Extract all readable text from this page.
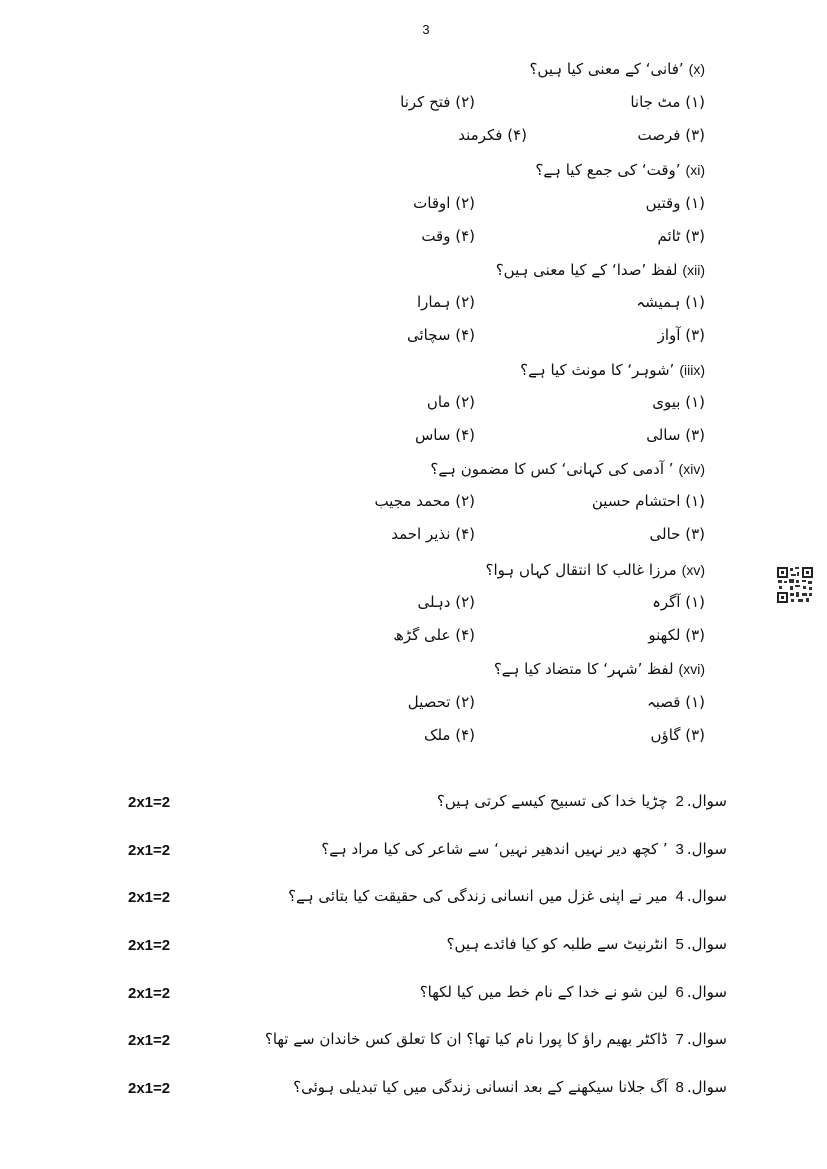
3
(x)’فانی‘ کے معنی کیا ہیں؟
(۱) مٹ جانا
(۲) فتح کرنا
(۳) فرصت
(۴) فکرمند
(xi)’وقت‘ کی جمع کیا ہے؟
(۱) وقتیں
(۲) اوقات
(۳) ٹائم
(۴) وقت
(xii)لفظ ’صدا‘ کے کیا معنی ہیں؟
(۱) ہمیشہ
(۲) ہمارا
(۳) آواز
(۴) سچائی
(iiix)’شوہر‘ کا مونث کیا ہے؟
(۱) بیوی
(۲) ماں
(۳) سالی
(۴) ساس
(xiv)’ آدمی کی کہانی‘ کس کا مضمون ہے؟
(۱) احتشام حسین
(۲) محمد مجیب
(۳) حالی
(۴) نذیر احمد
(xv)مرزا غالب کا انتقال کہاں ہوا؟
(۱) آگرہ
(۲) دہلی
(۳) لکھنو
(۴) علی گڑھ
(xvi)لفظ ’شہر‘ کا متضاد کیا ہے؟
(۱) قصبہ
(۲) تحصیل
(۳) گاؤں
(۴) ملک
سوال.2 چڑیا خدا کی تسبیح کیسے کرتی ہیں؟
2x1=2
سوال.3 ’ کچھ دیر نہیں اندھیر نہیں‘ سے شاعر کی کیا مراد ہے؟
2x1=2
سوال.4 میر نے اپنی غزل میں انسانی زندگی کی حقیقت کیا بتائی ہے؟
2x1=2
سوال.5 انٹرنیٹ سے طلبہ کو کیا فائدے ہیں؟
2x1=2
سوال.6 لین شو نے خدا کے نام خط میں کیا لکھا؟
2x1=2
سوال.7 ڈاکٹر بھیم راؤ کا پورا نام کیا تھا؟ ان کا تعلق کس خاندان سے تھا؟
2x1=2
سوال.8 آگ جلانا سیکھنے کے بعد انسانی زندگی میں کیا تبدیلی ہوئی؟
2x1=2
